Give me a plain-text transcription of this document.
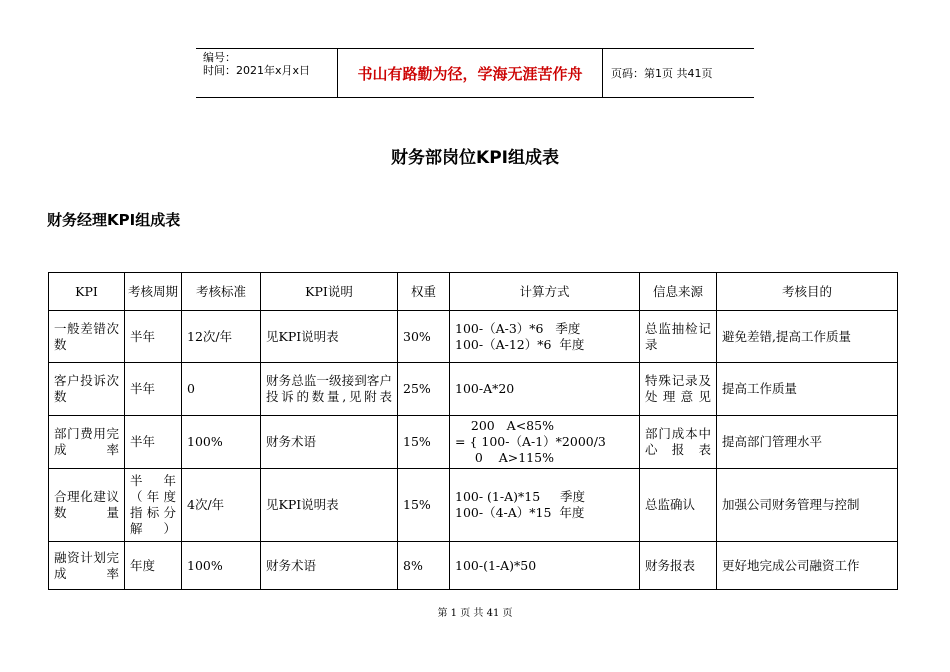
编号：
时间：2021年x月x日	书山有路勤为径，学海无涯苦作舟	页码：第1页 共41页
财务部岗位KPI组成表
财务经理KPI组成表
KPI	考核周期	考核标准	KPI说明	权重	计算方式	信息来源	考核目的
一般差错次数	半年	12次/年	见KPI说明表	30%	100-（A-3）*6   季度
100-（A-12）*6  年度	总监抽检记录	避免差错,提高工作质量
客户投诉次数	半年	0	财务总监一级接到客户投诉的数量,见附表	25%	100-A*20	特殊记录及处理意见	提高工作质量
部门费用完成率	半年	100%	财务术语	15%	200   A<85%
= { 100-（A-1）*2000/3
0    A>115%	部门成本中心报表	提高部门管理水平
合理化建议数量	半年（年度指标分解）	4次/年	见KPI说明表	15%	100- (1-A)*15     季度
100-（4-A）*15  年度	总监确认	加强公司财务管理与控制
融资计划完成率	年度	100%	财务术语	8%	100-(1-A)*50	财务报表	更好地完成公司融资工作
第 1 页 共 41 页
